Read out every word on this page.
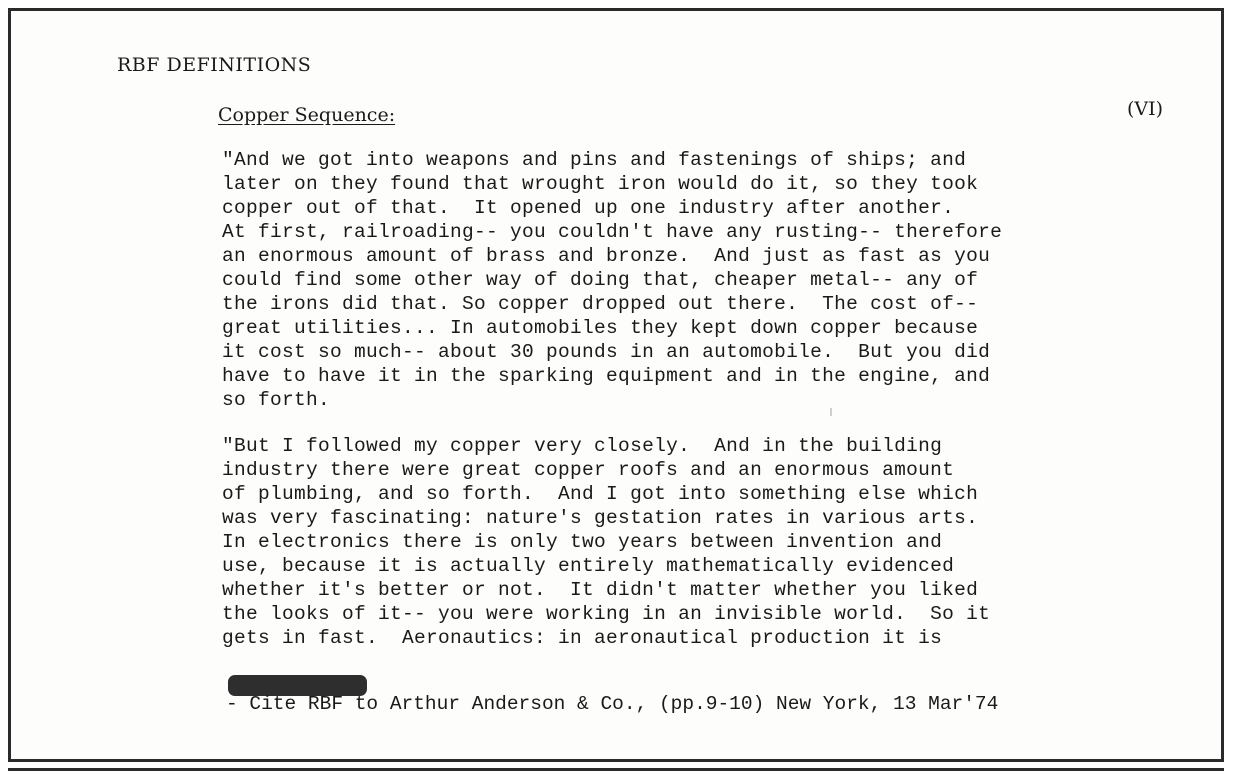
RBF DEFINITIONS
Copper Sequence:	(VI)
"And we got into weapons and pins and fastenings of ships; and
later on they found that wrought iron would do it, so they took
copper out of that.  It opened up one industry after another.
At first, railroading-- you couldn't have any rusting-- therefore
an enormous amount of brass and bronze.  And just as fast as you
could find some other way of doing that, cheaper metal-- any of
the irons did that. So copper dropped out there.  The cost of--
great utilities... In automobiles they kept down copper because
it cost so much-- about 30 pounds in an automobile.  But you did
have to have it in the sparking equipment and in the engine, and
so forth.
"But I followed my copper very closely.  And in the building
industry there were great copper roofs and an enormous amount
of plumbing, and so forth.  And I got into something else which
was very fascinating: nature's gestation rates in various arts.
In electronics there is only two years between invention and
use, because it is actually entirely mathematically evidenced
whether it's better or not.  It didn't matter whether you liked
the looks of it-- you were working in an invisible world.  So it
gets in fast.  Aeronautics: in aeronautical production it is
- Cite RBF to Arthur Anderson & Co., (pp.9-10) New York, 13 Mar'74
